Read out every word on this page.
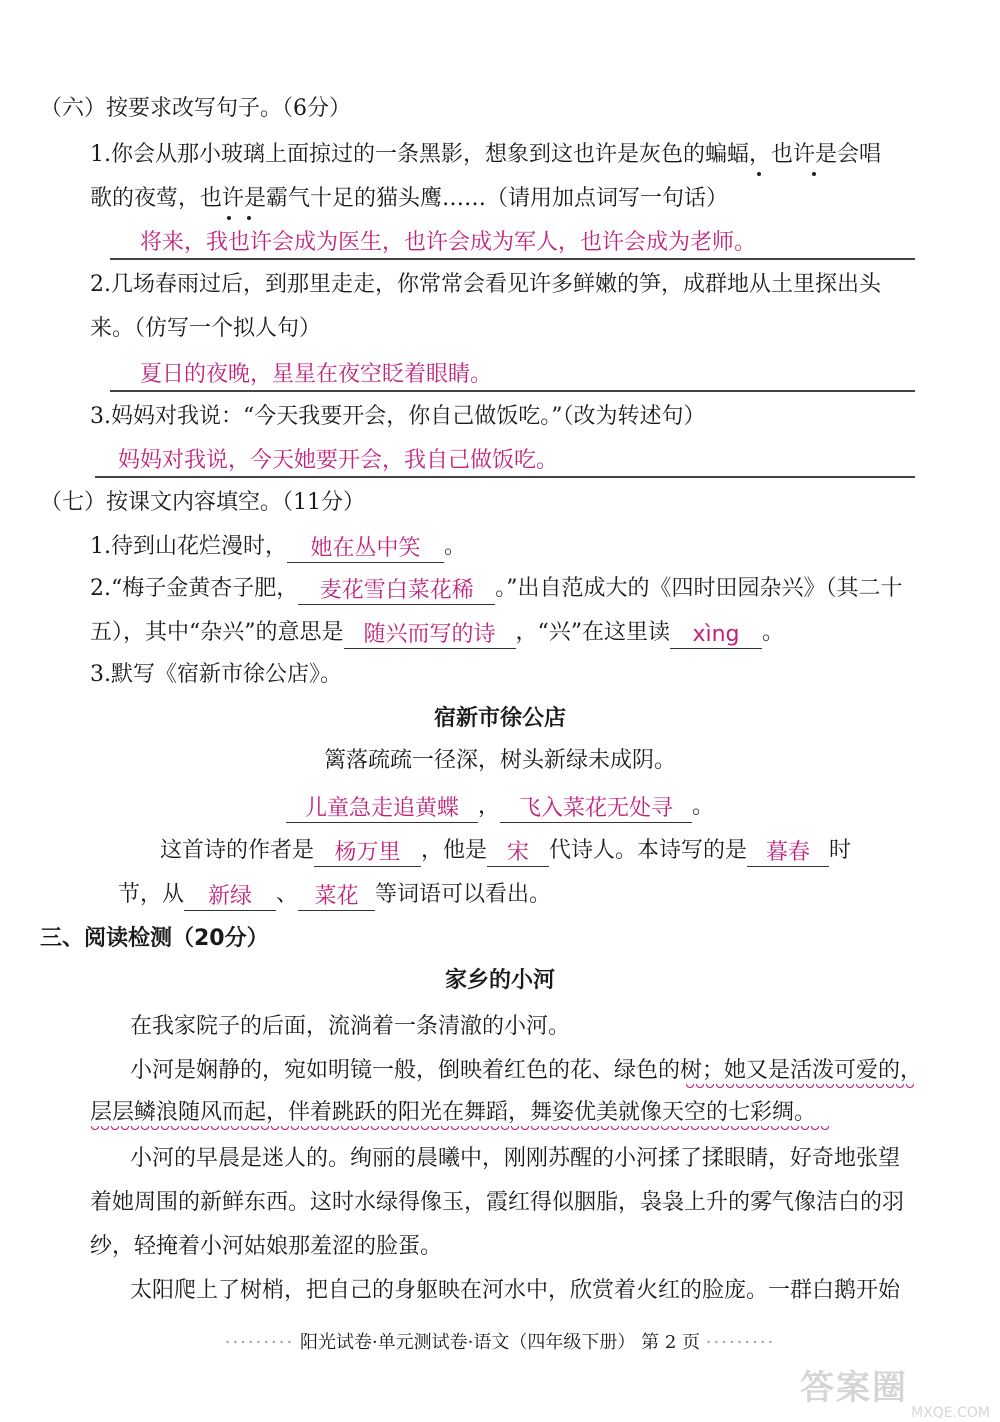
（六）按要求改写句子。（6分）
1.你会从那小玻璃上面掠过的一条黑影，想象到这也许是灰色的蝙蝠，也许是会唱
歌的夜莺，也许是霸气十足的猫头鹰……（请用加点词写一句话）
将来，我也许会成为医生，也许会成为军人，也许会成为老师。
2.几场春雨过后，到那里走走，你常常会看见许多鲜嫩的笋，成群地从土里探出头
来。（仿写一个拟人句）
夏日的夜晚，星星在夜空眨着眼睛。
3.妈妈对我说：“今天我要开会，你自己做饭吃。”（改为转述句）
妈妈对我说，今天她要开会，我自己做饭吃。
（七）按课文内容填空。（11分）
1.待到山花烂漫时， 她在丛中笑 。
2.“梅子金黄杏子肥， 麦花雪白菜花稀 。”出自范成大的《四时田园杂兴》（其二十
五），其中“杂兴”的意思是 随兴而写的诗 ，“兴”在这里读 xìng 。
3.默写《宿新市徐公店》。
宿新市徐公店
篱落疏疏一径深，树头新绿未成阴。
儿童急走追黄蝶 ， 飞入菜花无处寻 。
这首诗的作者是 杨万里 ，他是 宋 代诗人。本诗写的是 暮春 时
节，从 新绿 、 菜花 等词语可以看出。
三、阅读检测（20分）
家乡的小河
在我家院子的后面，流淌着一条清澈的小河。
小河是娴静的，宛如明镜一般，倒映着红色的花、绿色的树；她又是活泼可爱的，
层层鳞浪随风而起，伴着跳跃的阳光在舞蹈，舞姿优美就像天空的七彩绸。
小河的早晨是迷人的。绚丽的晨曦中，刚刚苏醒的小河揉了揉眼睛，好奇地张望
着她周围的新鲜东西。这时水绿得像玉，霞红得似胭脂，袅袅上升的雾气像洁白的羽
纱，轻掩着小河姑娘那羞涩的脸蛋。
太阳爬上了树梢，把自己的身躯映在河水中，欣赏着火红的脸庞。一群白鹅开始
········· 阳光试卷·单元测试卷·语文（四年级下册） 第 2 页 ·········
答案圈
MXQE.COM
